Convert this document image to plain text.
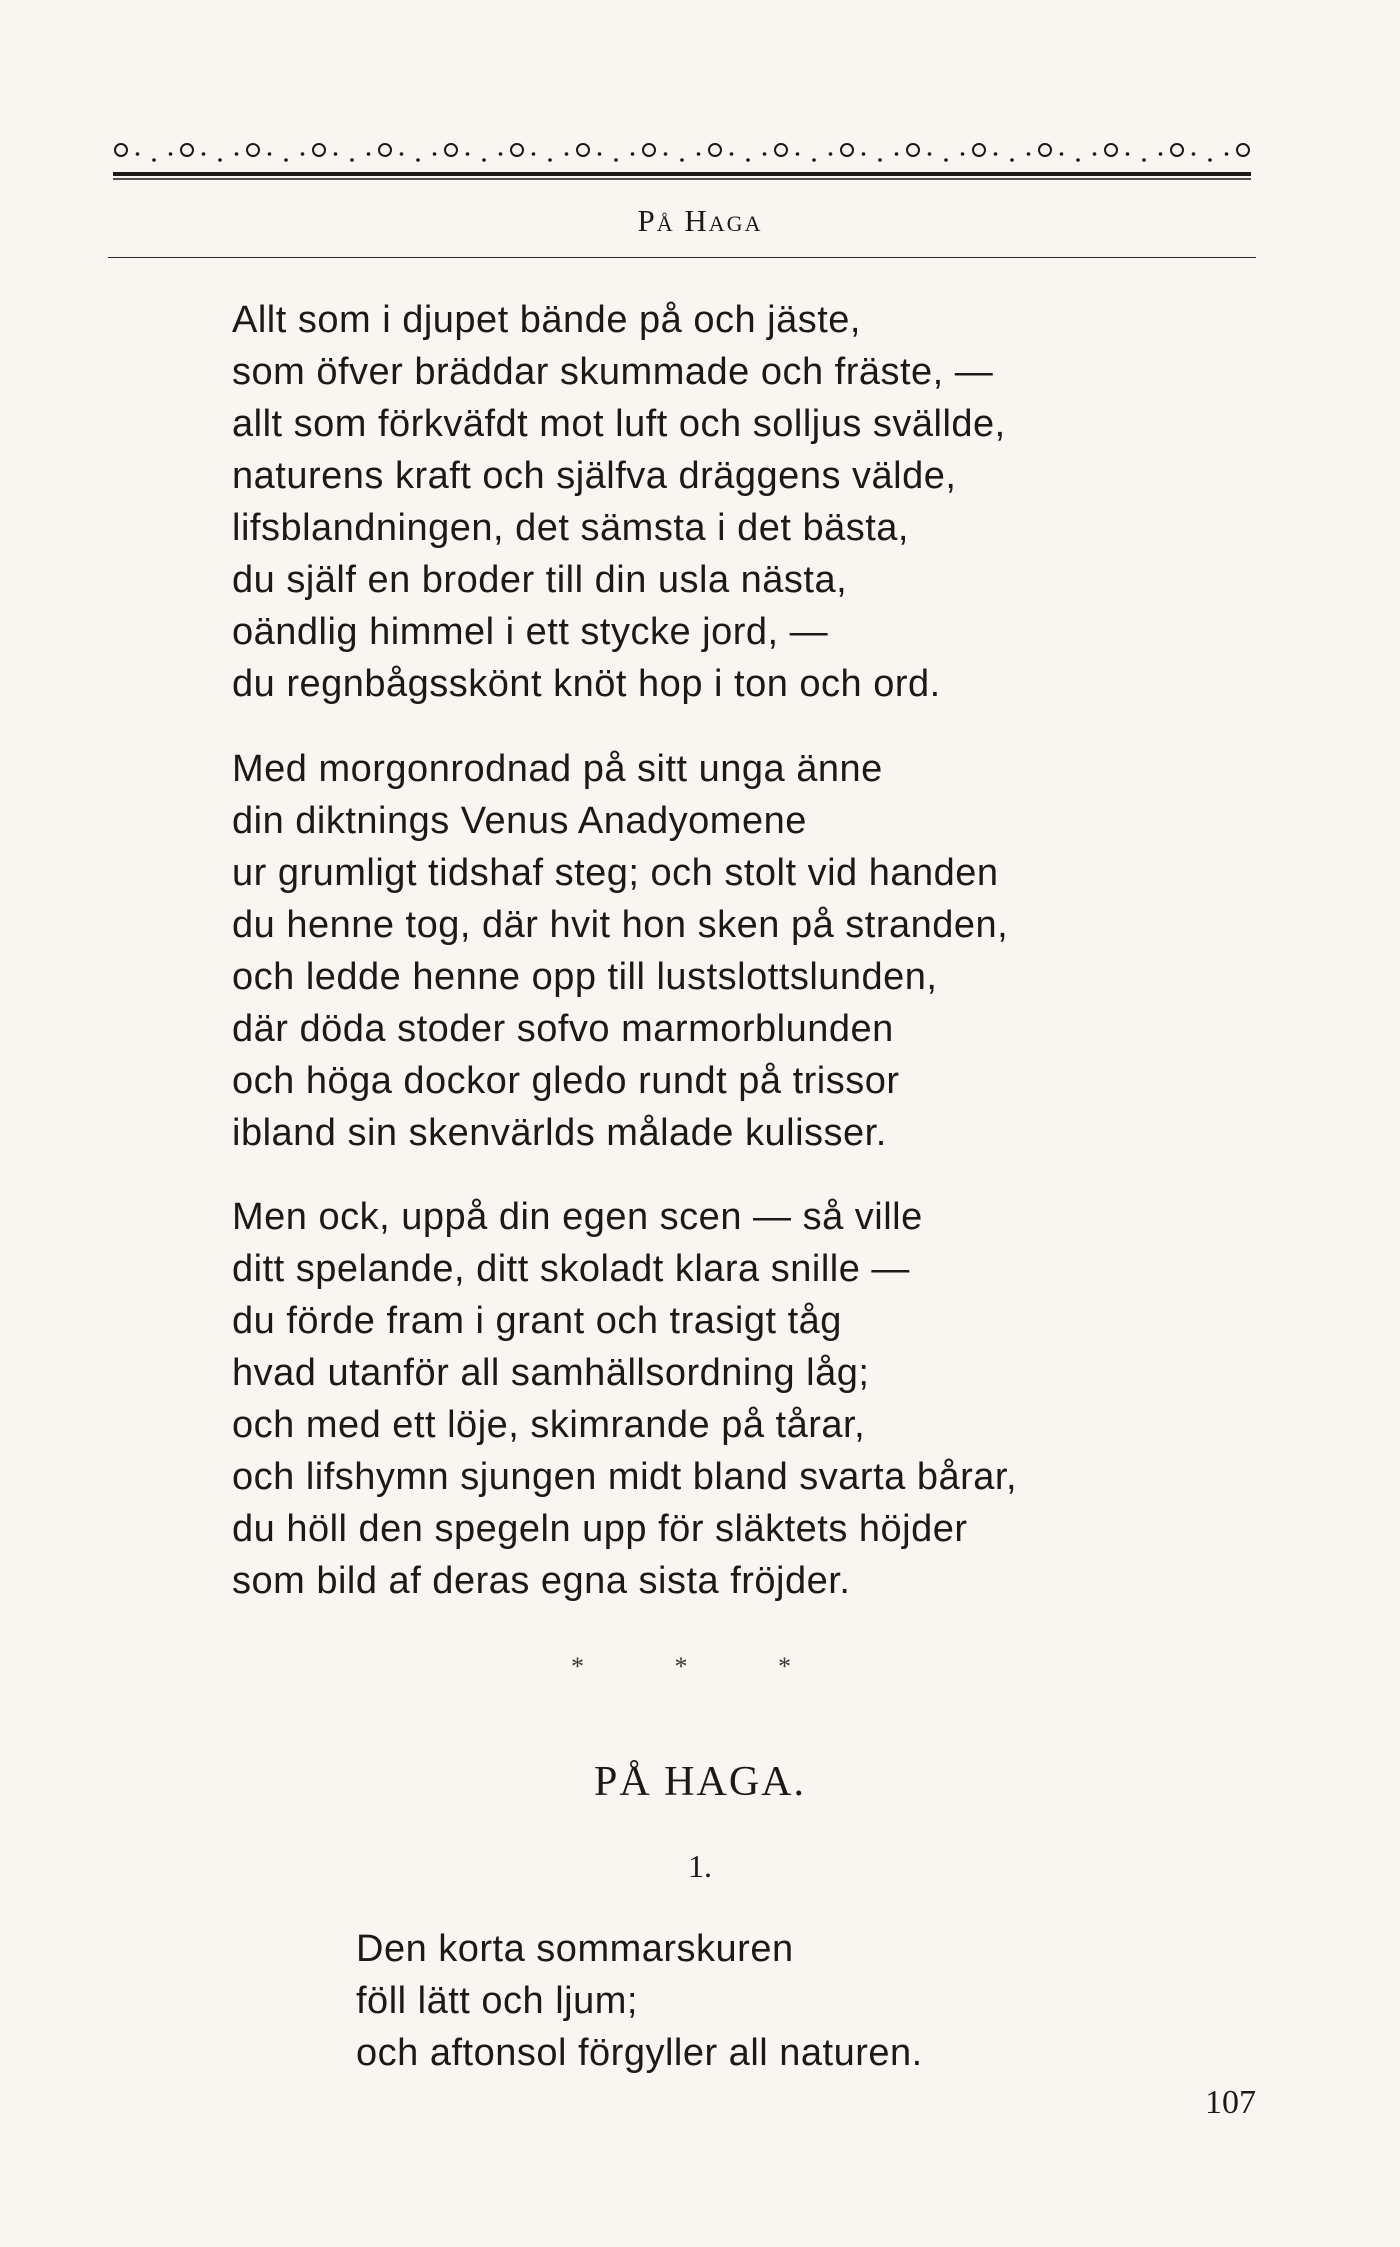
På Haga
Allt som i djupet bände på och jäste,
som öfver bräddar skummade och fräste, —
allt som förkväfdt mot luft och solljus svällde,
naturens kraft och själfva dräggens välde,
lifsblandningen, det sämsta i det bästa,
du själf en broder till din usla nästa,
oändlig himmel i ett stycke jord, —
du regnbågsskönt knöt hop i ton och ord.
Med morgonrodnad på sitt unga änne
din diktnings Venus Anadyomene
ur grumligt tidshaf steg; och stolt vid handen
du henne tog, där hvit hon sken på stranden,
och ledde henne opp till lustslottslunden,
där döda stoder sofvo marmorblunden
och höga dockor gledo rundt på trissor
ibland sin skenvärlds målade kulisser.
Men ock, uppå din egen scen — så ville
ditt spelande, ditt skoladt klara snille —
du förde fram i grant och trasigt tåg
hvad utanför all samhällsordning låg;
och med ett löje, skimrande på tårar,
och lifshymn sjungen midt bland svarta bårar,
du höll den spegeln upp för släktets höjder
som bild af deras egna sista fröjder.
* * *
PÅ HAGA.
1.
Den korta sommarskuren
föll lätt och ljum;
och aftonsol förgyller all naturen.
107
